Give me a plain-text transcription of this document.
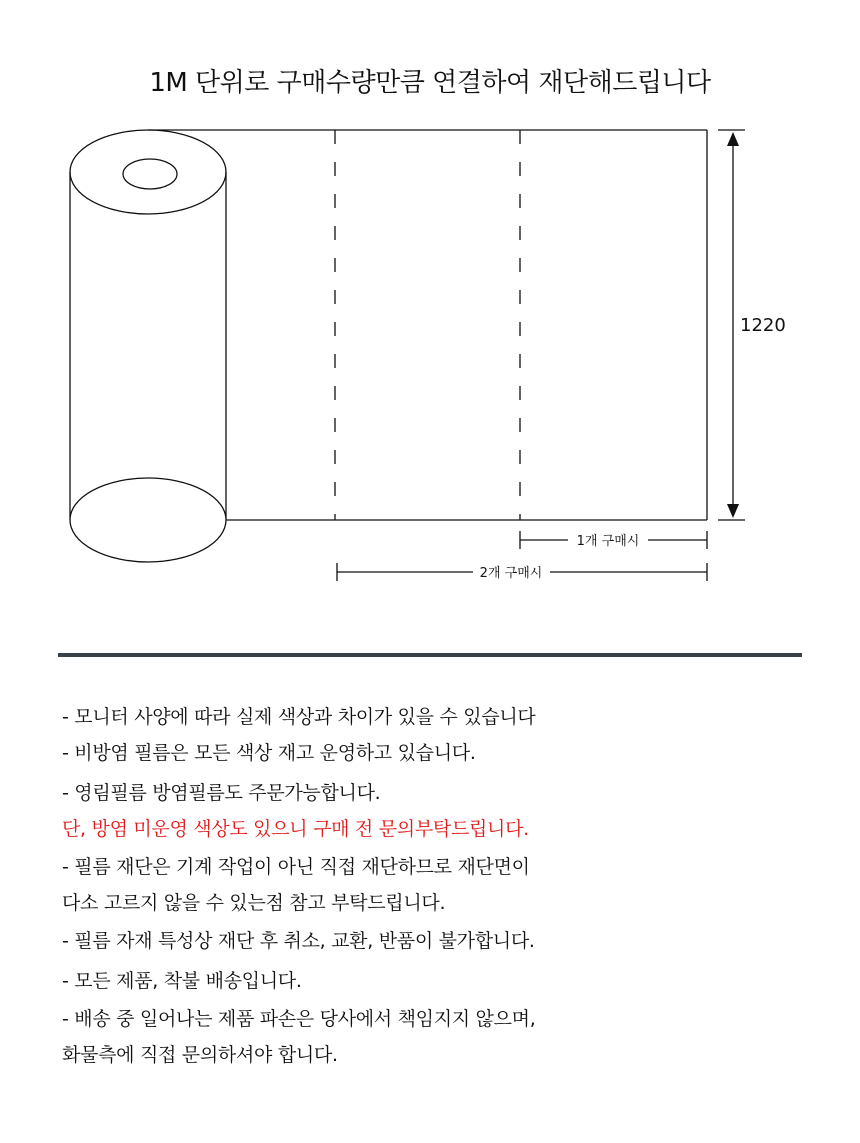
1M 단위로 구매수량만큼 연결하여 재단해드립니다
1220
1개 구매시
2개 구매시
- 모니터 사양에 따라 실제 색상과 차이가 있을 수 있습니다
- 비방염 필름은 모든 색상 재고 운영하고 있습니다.
- 영림필름 방염필름도 주문가능합니다.
단, 방염 미운영 색상도 있으니 구매 전 문의부탁드립니다.
- 필름 재단은 기계 작업이 아닌 직접 재단하므로 재단면이
다소 고르지 않을 수 있는점 참고 부탁드립니다.
- 필름 자재 특성상 재단 후 취소, 교환, 반품이 불가합니다.
- 모든 제품, 착불 배송입니다.
- 배송 중 일어나는 제품 파손은 당사에서 책임지지 않으며,
화물측에 직접 문의하셔야 합니다.
